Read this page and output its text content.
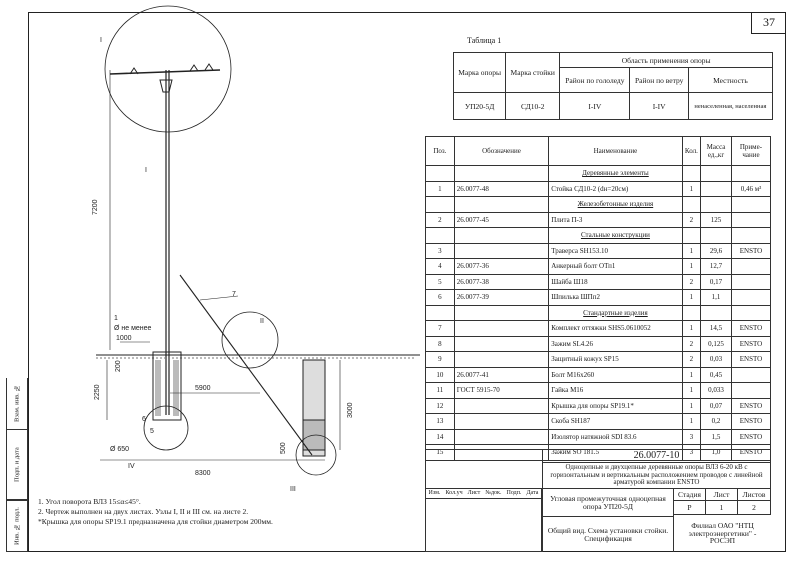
37
Взам. инв. №
Подп. и дата
Инв. № подл.
7200
2250
200
1000
Ø не менее
5900
8300
3000
500
Ø 650
I
I
II
III
IV
6
5
7
1
Таблица 1
Марка опоры	Марка стойки	Область применения опоры		
		Район по гололеду	Район по ветру	Местность
УП20-5Д	СД10-2	I-IV	I-IV	ненаселенная, населенная
Поз.	Обозначение	Наименование	Кол.	Масса ед.,кг	Приме-чание
		Деревянные элементы			
1	26.0077-48	Стойка СД10-2 (dн=20см)	1		0,46 м³
		Железобетонные изделия			
2	26.0077-45	Плита П-3	2	125	
		Стальные конструкции			
3		Траверса SH153.10	1	29,6	ENSTO
4	26.0077-36	Анкерный болт ОТп1	1	12,7	
5	26.0077-38	Шайба Ш18	2	0,17	
6	26.0077-39	Шпилька ШПп2	1	1,1	
		Стандартные изделия			
7		Комплект оттяжки SHS5.0610052	1	14,5	ENSTO
8		Зажим SL4.26	2	0,125	ENSTO
9		Защитный кожух SP15	2	0,03	ENSTO
10	26.0077-41	Болт М16х260	1	0,45	
11	ГОСТ 5915-70	Гайка М16	1	0,033	
12		Крышка для опоры SP19.1*	1	0,07	ENSTO
13		Скоба SH187	1	0,2	ENSTO
14		Изолятор натяжной SDI 83.6	3	1,5	ENSTO
15		Зажим SO 181.5	3	1,0	ENSTO
26.0077-10
Одноцепные и двухцепные деревянные опоры ВЛЗ 6-20 кВ с горизонтальным и вертикальным расположением проводов с линейной арматурой компании ENSTO
Изм. Кол.уч Лист №док. Подп. Дата
Угловая промежуточная одноцепная опора УП20-5Д
Общий вид. Схема установки стойки. Спецификация
Стадия	Лист	Листов
Р	1	2
Филиал ОАО "НТЦ электроэнергетики" - РОСЭП
1. Угол поворота ВЛЗ 15≤α≤45°.
2. Чертеж выполнен на двух листах. Узлы I, II и III см. на листе 2.
*Крышка для опоры SP19.1 предназначена для стойки диаметром 200мм.
